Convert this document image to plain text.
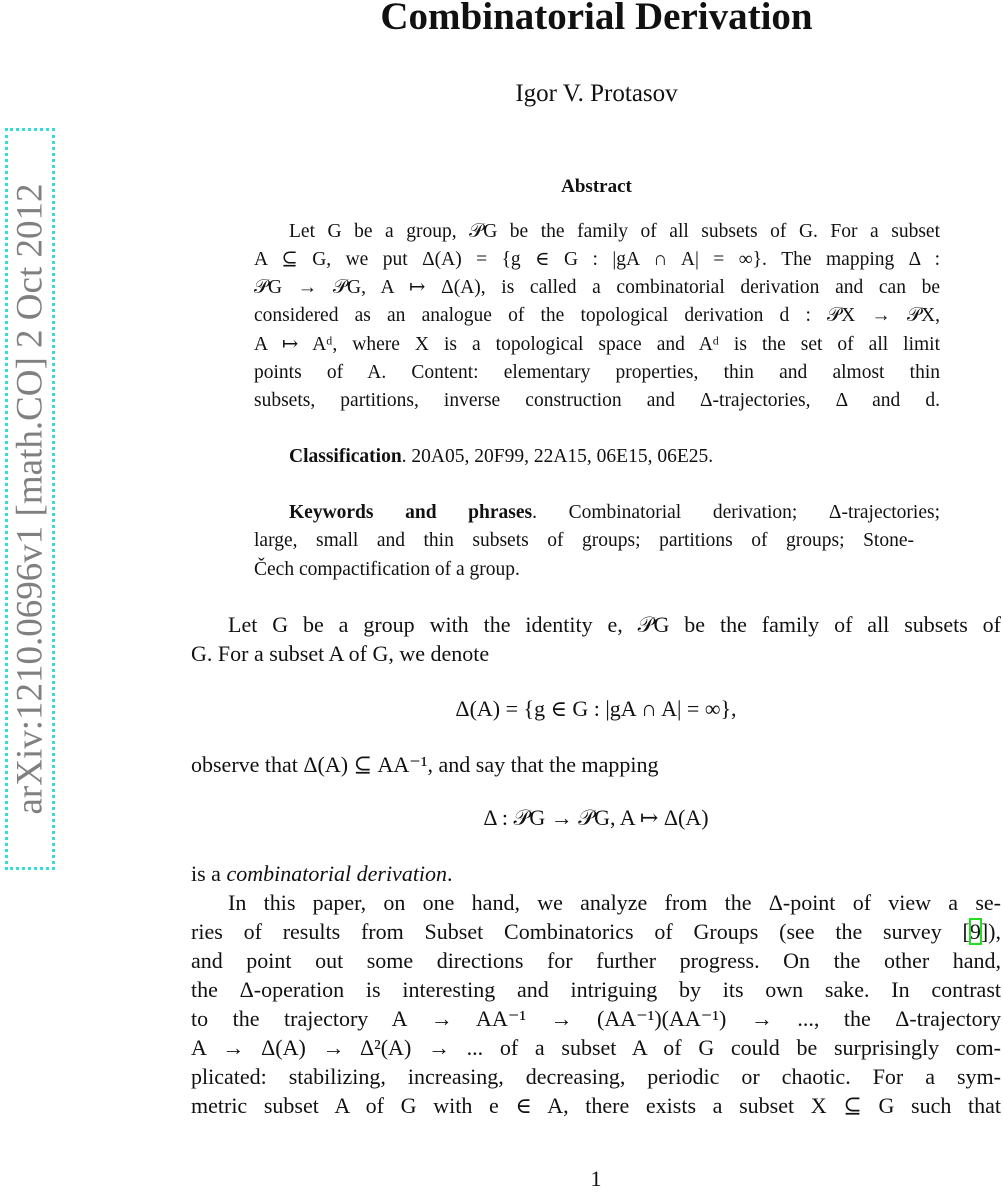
arXiv:1210.0696v1 [math.CO] 2 Oct 2012
Combinatorial Derivation
Igor V. Protasov
Abstract
Let G be a group, 𝒫G be the family of all subsets of G. For a subset
A ⊆ G, we put Δ(A) = {g ∈ G : |gA ∩ A| = ∞}. The mapping Δ :
𝒫G → 𝒫G, A ↦ Δ(A), is called a combinatorial derivation and can be
considered as an analogue of the topological derivation d : 𝒫X → 𝒫X,
A ↦ Aᵈ, where X is a topological space and Aᵈ is the set of all limit
points of A. Content: elementary properties, thin and almost thin
subsets, partitions, inverse construction and Δ-trajectories, Δ and d.
Classification. 20A05, 20F99, 22A15, 06E15, 06E25.
Keywords and phrases. Combinatorial derivation; Δ-trajectories;
large, small and thin subsets of groups; partitions of groups; Stone-
Čech compactification of a group.
Let G be a group with the identity e, 𝒫G be the family of all subsets of
G. For a subset A of G, we denote
Δ(A) = {g ∈ G : |gA ∩ A| = ∞},
observe that Δ(A) ⊆ AA⁻¹, and say that the mapping
Δ : 𝒫G → 𝒫G, A ↦ Δ(A)
is a combinatorial derivation.
In this paper, on one hand, we analyze from the Δ-point of view a se-
ries of results from Subset Combinatorics of Groups (see the survey [9]),
and point out some directions for further progress. On the other hand,
the Δ-operation is interesting and intriguing by its own sake. In contrast
to the trajectory A → AA⁻¹ → (AA⁻¹)(AA⁻¹) → ..., the Δ-trajectory
A → Δ(A) → Δ²(A) → ... of a subset A of G could be surprisingly com-
plicated: stabilizing, increasing, decreasing, periodic or chaotic. For a sym-
metric subset A of G with e ∈ A, there exists a subset X ⊆ G such that
1
